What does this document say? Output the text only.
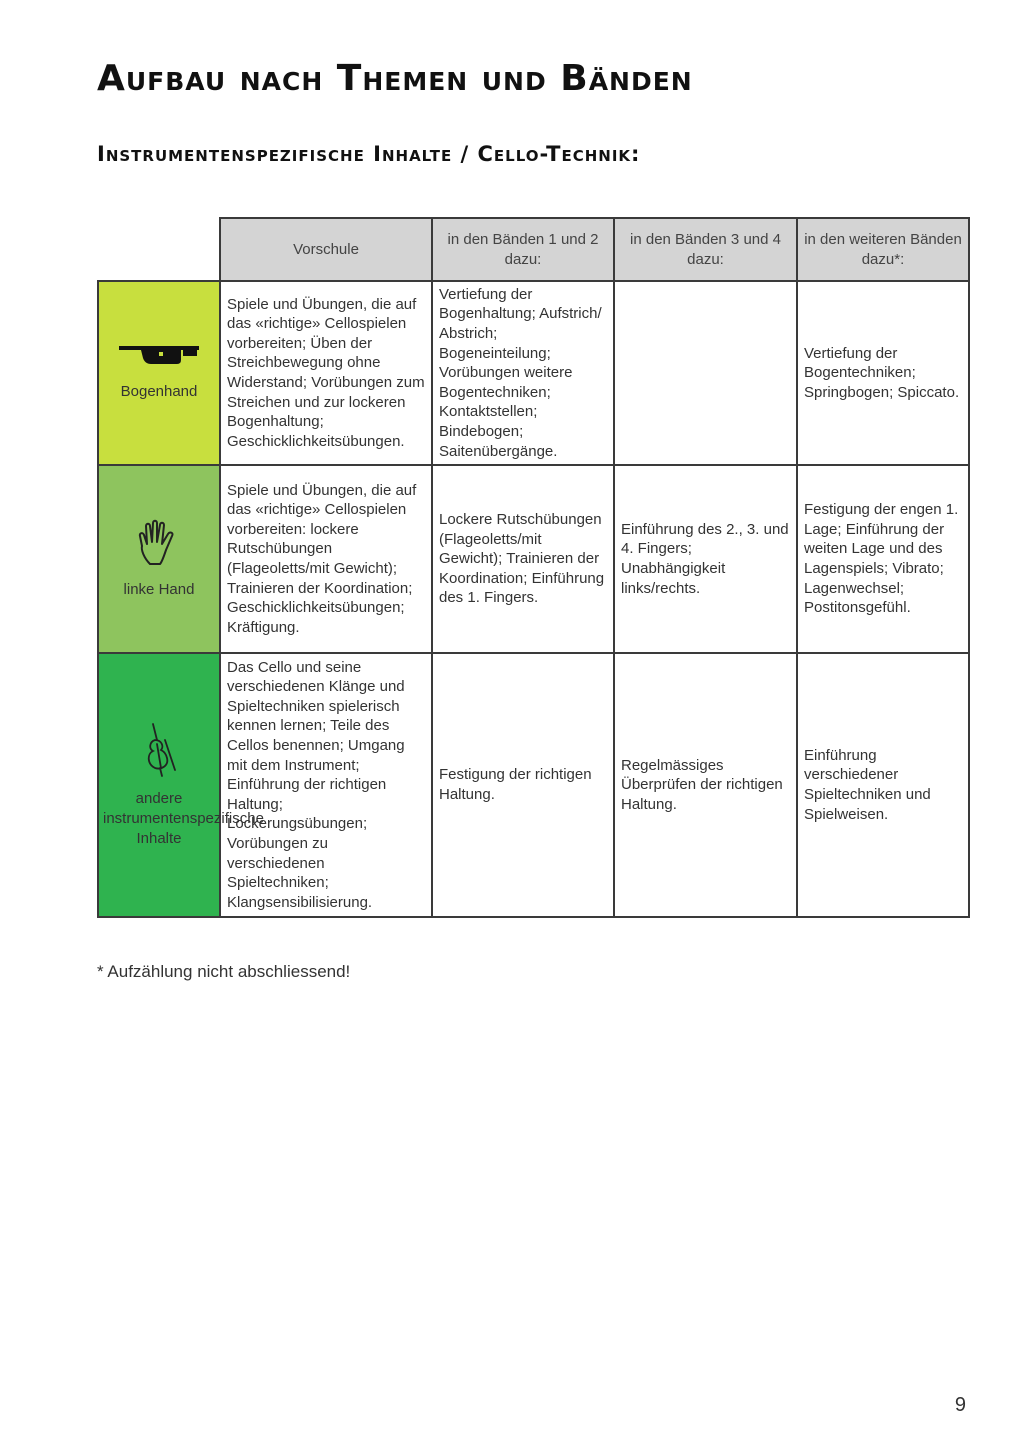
Aufbau nach Themen und Bänden
Instrumentenspezifische Inhalte / Cello-Technik:
	Vorschule	in den Bänden 1 und 2 dazu:	in den Bänden 3 und 4 dazu:	in den weiteren Bänden dazu*:

Bogenhand	Spiele und Übungen, die auf das «richtige» Cellospielen vorbereiten; Üben der Streichbewegung ohne Widerstand; Vorübungen zum Streichen und zur lockeren Bogenhaltung; Geschicklichkeitsübungen.	Vertiefung der Bogenhaltung; Aufstrich/ Abstrich; Bogeneinteilung; Vorübungen weitere Bogentechniken; Kontaktstellen; Bindebogen; Saitenübergänge.		Vertiefung der Bogentechniken; Springbogen; Spiccato.

linke Hand	Spiele und Übungen, die auf das «richtige» Cellospielen vorbereiten: lockere Rutschübungen (Flageoletts/mit Gewicht); Trainieren der Koordination; Geschicklichkeitsübungen; Kräftigung.	Lockere Rutschübungen (Flageoletts/mit Gewicht); Trainieren der Koordination; Einführung des 1. Fingers.	Einführung des 2., 3. und 4. Fingers; Unabhängigkeit links/rechts.	Festigung der engen 1. Lage; Einführung der weiten Lage und des Lagenspiels; Vibrato; Lagenwechsel; Postitonsgefühl.

andere instrumentenspezifische Inhalte	Das Cello und seine verschiedenen Klänge und Spieltechniken spielerisch kennen lernen; Teile des Cellos benennen; Umgang mit dem Instrument; Einführung der richtigen Haltung; Lockerungsübungen; Vorübungen zu verschiedenen Spieltechniken; Klangsensibilisierung.	Festigung der richtigen Haltung.	Regelmässiges Überprüfen der richtigen Haltung.	Einführung verschiedener Spieltechniken und Spielweisen.

* Aufzählung nicht abschliessend!

9
